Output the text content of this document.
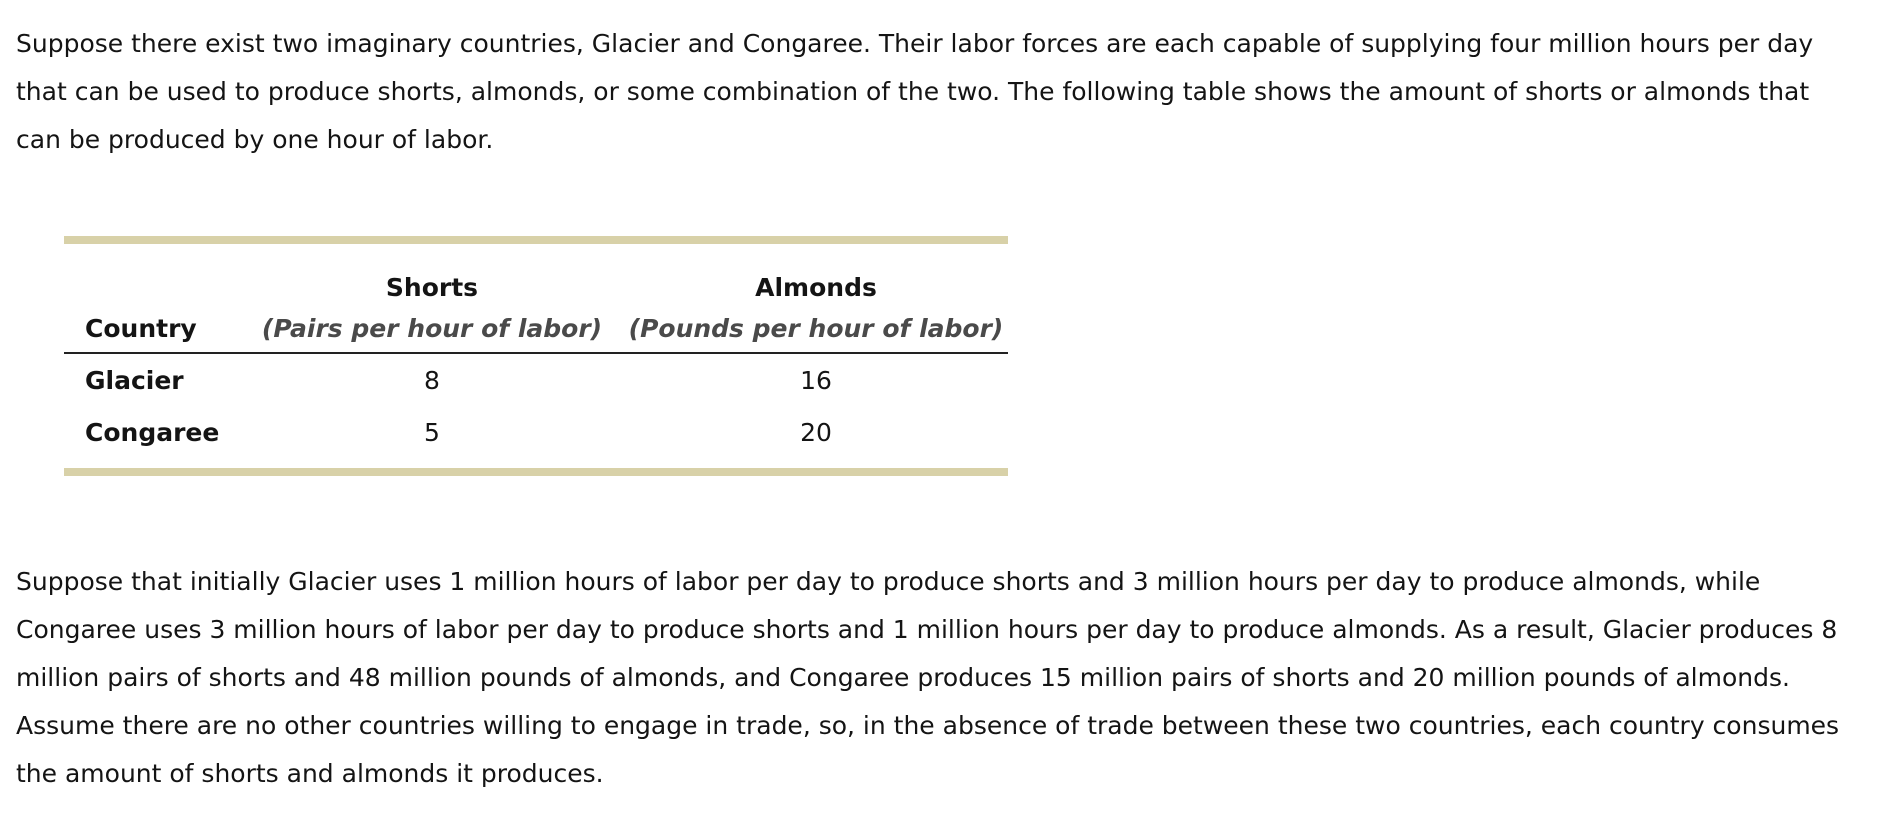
Suppose there exist two imaginary countries, Glacier and Congaree. Their labor forces are each capable of supplying four million hours per day that can be used to produce shorts, almonds, or some combination of the two. The following table shows the amount of shorts or almonds that can be produced by one hour of labor.

	Shorts	Almonds
Country	(Pairs per hour of labor)	(Pounds per hour of labor)
Glacier	8	16
Congaree	5	20

Suppose that initially Glacier uses 1 million hours of labor per day to produce shorts and 3 million hours per day to produce almonds, while Congaree uses 3 million hours of labor per day to produce shorts and 1 million hours per day to produce almonds. As a result, Glacier produces 8 million pairs of shorts and 48 million pounds of almonds, and Congaree produces 15 million pairs of shorts and 20 million pounds of almonds. Assume there are no other countries willing to engage in trade, so, in the absence of trade between these two countries, each country consumes the amount of shorts and almonds it produces.
